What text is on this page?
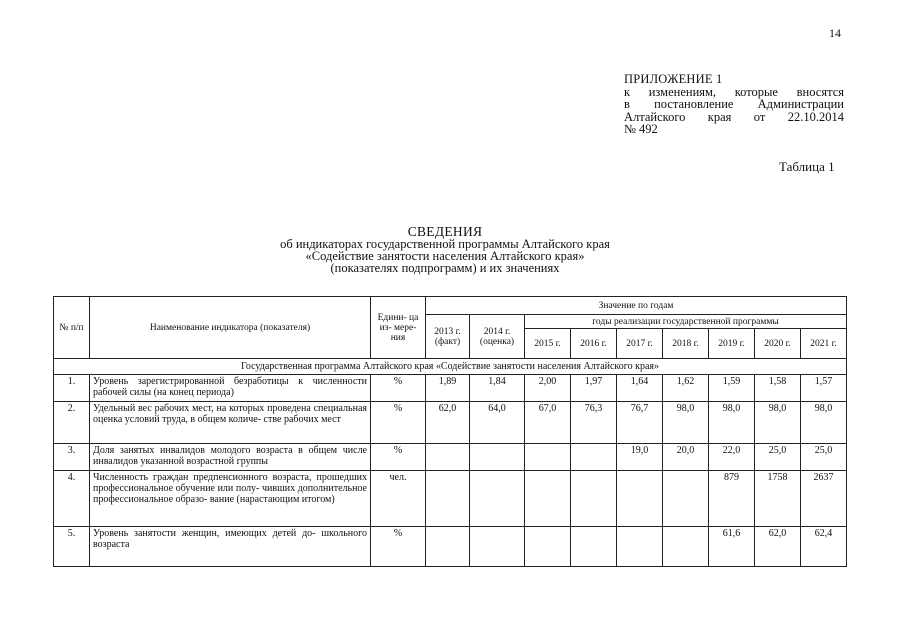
14
ПРИЛОЖЕНИЕ 1
к изменениям, которые вносятся
в постановление Администрации
Алтайского края от 22.10.2014
№ 492
Таблица 1
СВЕДЕНИЯ
об индикаторах государственной программы Алтайского края
«Содействие занятости населения Алтайского края»
(показателях подпрограмм) и их значениях
№ п/п	Наименование индикатора (показателя)	Едини- ца из- мере- ния	Значение по годам								
			2013 г. (факт)	2014 г. (оценка)	годы реализации государственной программы						
					2015 г.	2016 г.	2017 г.	2018 г.	2019 г.	2020 г.	2021 г.
Государственная программа Алтайского края «Содействие занятости населения Алтайского края»											
1.	Уровень зарегистрированной безработицы к численности рабочей силы (на конец периода)	%	1,89	1,84	2,00	1,97	1,64	1,62	1,59	1,58	1,57
2.	Удельный вес рабочих мест, на которых проведена специальная оценка условий труда, в общем количе- стве рабочих мест	%	62,0	64,0	67,0	76,3	76,7	98,0	98,0	98,0	98,0
3.	Доля занятых инвалидов молодого возраста в общем числе инвалидов указанной возрастной группы	%					19,0	20,0	22,0	25,0	25,0
4.	Численность граждан предпенсионного возраста, прошедших профессиональное обучение или полу- чивших дополнительное профессиональное образо- вание (нарастающим итогом)	чел.							879	1758	2637
5.	Уровень занятости женщин, имеющих детей до- школьного возраста	%							61,6	62,0	62,4
